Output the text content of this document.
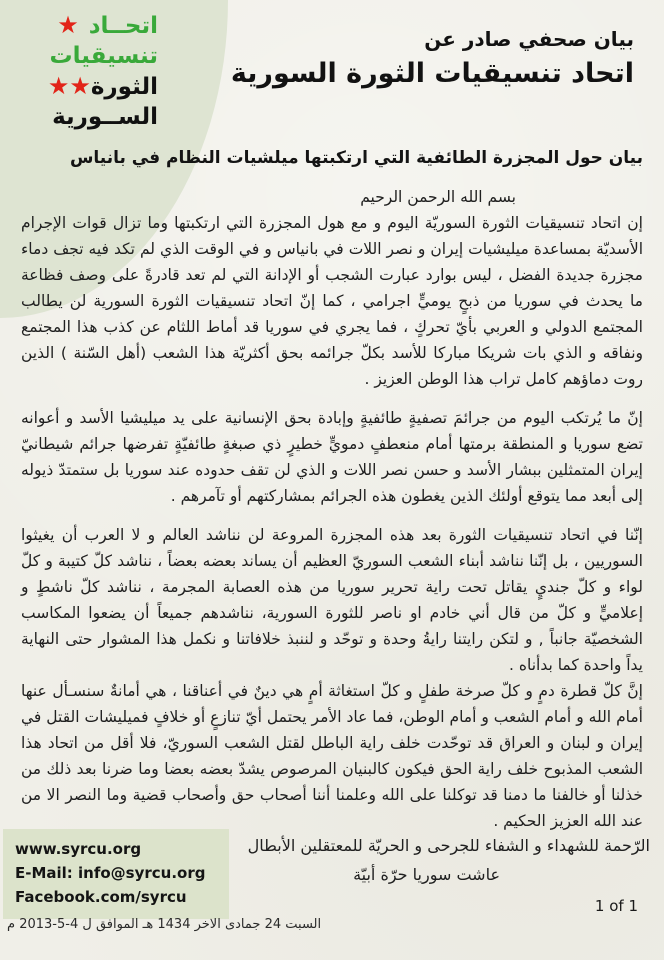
اتحــاد★
تنسيقيات
الثورة★★
الســورية
بيان صحفي صادر عن
اتحاد تنسيقيات الثورة السورية
بيان حول المجزرة الطائفية التي ارتكبتها ميلشيات النظام في بانياس
بسم الله الرحمن الرحيم

إن اتحاد تنسيقيات الثورة السوريّة اليوم و مع هول المجزرة التي ارتكبتها وما تزال قوات الإجرام الأسديّة بمساعدة ميليشيات إيران و نصر اللات في بانياس و في الوقت الذي لم تكد فيه تجف دماء مجزرة جديدة الفضل ، ليس بوارد عبارت الشجب أو الإدانة التي لم تعد قادرةً على وصف فظاعة ما يحدث في سوريا من ذبحٍ يوميٍّ اجرامي ، كما إنّ اتحاد تنسيقيات الثورة السورية لن يطالب المجتمع الدولي و العربي بأيّ تحركٍ ، فما يجري في سوريا قد أماط اللثام عن كذب هذا المجتمع ونفاقه و الذي بات شريكا مباركا للأسد بكلّ جرائمه بحق أكثريّة هذا الشعب (أهل السّنة ) الذين روت دماؤهم كامل تراب هذا الوطن العزيز .

إنّ ما يُرتكب اليوم من جرائمَ تصفيةٍ طائفيةٍ وإبادة بحق الإنسانية على يد ميليشيا الأسد و أعوانه تضع سوريا و المنطقة برمتها أمام منعطفٍ دمويٍّ خطيرٍ ذي صبغةٍ طائفيّةٍ تفرضها جرائم شيطانيّ إيران المتمثلين ببشار الأسد و حسن نصر اللات و الذي لن تقف حدوده عند سوريا بل ستمتدّ ذيوله إلى أبعد مما يتوقع أولئك الذين يغطون هذه الجرائم بمشاركتهم أو تآمرهم .

إنّنا في اتحاد تنسيقيات الثورة بعد هذه المجزرة المروعة لن نناشد العالم و لا العرب أن يغيثوا السوريين ، بل إنّنا نناشد أبناء الشعب السوريّ العظيم أن يساند بعضه بعضاً ، نناشد كلّ كتيبة و كلّ لواء و كلّ جنديٍ يقاتل تحت راية تحرير سوريا من هذه العصابة المجرمة ، نناشد كلّ ناشطٍ و إعلاميٍّ و كلّ من قال أني خادم او ناصر للثورة السورية، نناشدهم جميعاً أن يضعوا المكاسب الشخصيّة جانباً , و لتكن رايتنا رايةُ وحدة و توحّد و لننبذ خلافاتنا و نكمل هذا المشوار حتى النهاية يداً واحدة كما بدأناه .

إنَّ كلّ قطرة دمٍ و كلّ صرخة طفلٍ و كلّ استغاثة أمٍ هي دينٌ في أعناقنا ، هي أمانةٌ سنسـأل عنها أمام الله و أمام الشعب و أمام الوطن، فما عاد الأمر يحتمل أيّ تنازعٍ أو خلافٍ فميليشات القتل في إيران و لبنان و العراق قد توحّدت خلف راية الباطل لقتل الشعب السوريّ، فلا أقل من اتحاد هذا الشعب المذبوح خلف راية الحق فيكون كالبنيان المرصوص يشدّ بعضه بعضا وما ضرنا بعد ذلك من خذلنا أو خالفنا ما دمنا قد توكلنا على الله وعلمنا أننا أصحاب حق وأصحاب قضية وما النصر الا من عند الله العزيز الحكيم .

الرّحمة للشهداء و الشفاء للجرحى و الحريّة للمعتقلين الأبطال
عاشت سوريا حرّة أبيّة
www.syrcu.org
E-Mail: info@syrcu.org
Facebook.com/syrcu	1 of 1
السبت 24 جمادى الاخر 1434 هـ الموافق ل 4-5-2013 م
